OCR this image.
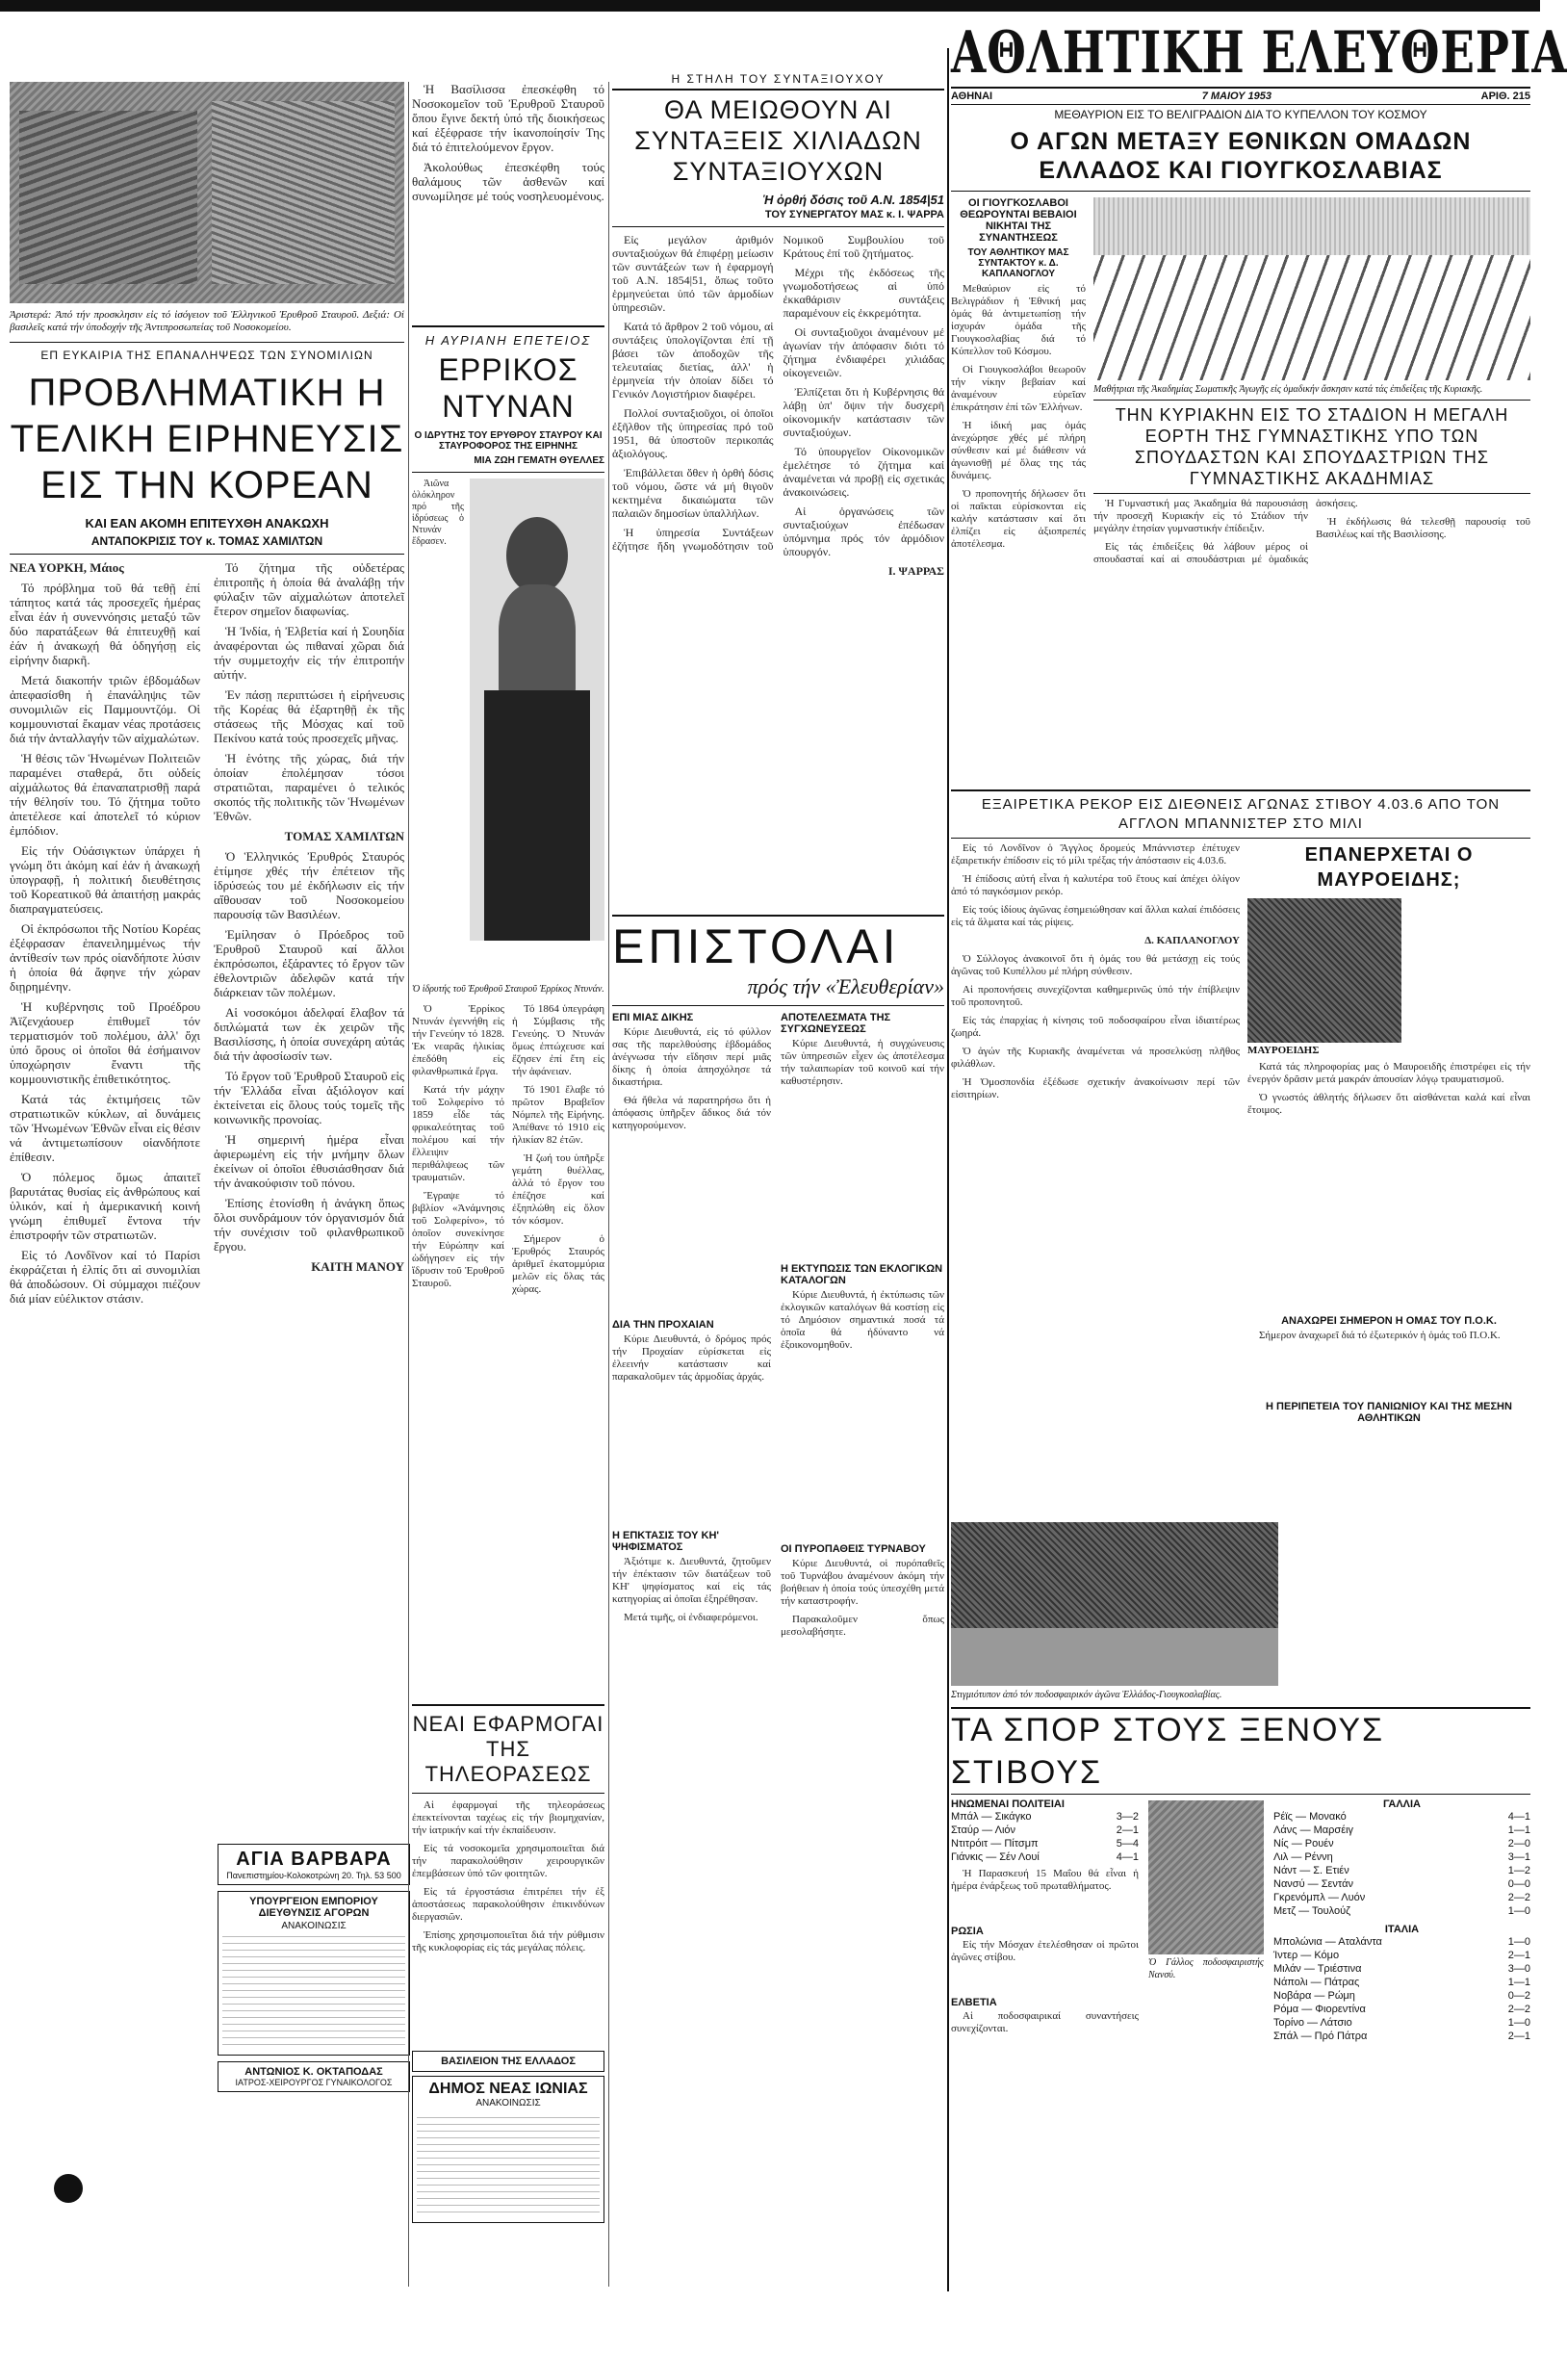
Ἀριστερά: Ἀπό τήν προσκλησιν εἰς τό ἰσόγειον τοῦ Ἑλληνικοῦ Ἐρυθροῦ Σταυροῦ. Δεξιά: Οἱ βασιλεῖς κατά τήν ὑποδοχήν τῆς Ἀντιπροσωπείας τοῦ Νοσοκομείου.
ΕΠ ΕΥΚΑΙΡΙΑ ΤΗΣ ΕΠΑΝΑΛΗΨΕΩΣ ΤΩΝ ΣΥΝΟΜΙΛΙΩΝ
ΠΡΟΒΛΗΜΑΤΙΚΗ Η ΤΕΛΙΚΗ ΕΙΡΗΝΕΥΣΙΣ ΕΙΣ ΤΗΝ ΚΟΡΕΑΝ
ΚΑΙ ΕΑΝ ΑΚΟΜΗ ΕΠΙΤΕΥΧΘΗ ΑΝΑΚΩΧΗ
ΑΝΤΑΠΟΚΡΙΣΙΣ ΤΟΥ κ. ΤΟΜΑΣ ΧΑΜΙΛΤΩΝ

ΝΕΑ ΥΟΡΚΗ, Μάιος

Τό πρόβλημα τοῦ θά τεθῇ ἐπί τάπητος κατά τάς προσεχεῖς ἡμέρας εἶναι ἐάν ἡ συνεννόησις μεταξύ τῶν δύο παρατάξεων θά ἐπιτευχθῇ καί ἐάν ἡ ἀνακωχή θά ὁδηγήσῃ εἰς εἰρήνην διαρκῆ.

Μετά διακοπήν τριῶν ἑβδομάδων ἀπεφασίσθη ἡ ἐπανάληψις τῶν συνομιλιῶν εἰς Παμμουντζόμ. Οἱ κομμουνισταί ἔκαμαν νέας προτάσεις διά τήν ἀνταλλαγήν τῶν αἰχμαλώτων.

Ἡ θέσις τῶν Ἡνωμένων Πολιτειῶν παραμένει σταθερά, ὅτι οὐδείς αἰχμάλωτος θά ἐπαναπατρισθῇ παρά τήν θέλησίν του. Τό ζήτημα τοῦτο ἀπετέλεσε καί ἀποτελεῖ τό κύριον ἐμπόδιον.

Εἰς τήν Οὐάσιγκτων ὑπάρχει ἡ γνώμη ὅτι ἀκόμη καί ἐάν ἡ ἀνακωχή ὑπογραφῇ, ἡ πολιτική διευθέτησις τοῦ Κορεατικοῦ θά ἀπαιτήσῃ μακράς διαπραγματεύσεις.

Οἱ ἐκπρόσωποι τῆς Νοτίου Κορέας ἐξέφρασαν ἐπανειλημμένως τήν ἀντίθεσίν των πρός οἱανδήποτε λύσιν ἡ ὁποία θά ἄφηνε τήν χώραν διῃρημένην.

Ἡ κυβέρνησις τοῦ Προέδρου Ἀϊζενχάουερ ἐπιθυμεῖ τόν τερματισμόν τοῦ πολέμου, ἀλλ' ὄχι ὑπό ὅρους οἱ ὁποῖοι θά ἐσήμαινον ὑποχώρησιν ἔναντι τῆς κομμουνιστικῆς ἐπιθετικότητος.

Κατά τάς ἐκτιμήσεις τῶν στρατιωτικῶν κύκλων, αἱ δυνάμεις τῶν Ἡνωμένων Ἐθνῶν εἶναι εἰς θέσιν νά ἀντιμετωπίσουν οἱανδήποτε ἐπίθεσιν.

Ὁ πόλεμος ὅμως ἀπαιτεῖ βαρυτάτας θυσίας εἰς ἀνθρώπους καί ὑλικόν, καί ἡ ἀμερικανική κοινή γνώμη ἐπιθυμεῖ ἔντονα τήν ἐπιστροφήν τῶν στρατιωτῶν.

Εἰς τό Λονδῖνον καί τό Παρίσι ἐκφράζεται ἡ ἐλπίς ὅτι αἱ συνομιλίαι θά ἀποδώσουν. Οἱ σύμμαχοι πιέζουν διά μίαν εὐέλικτον στάσιν.

Τό ζήτημα τῆς οὐδετέρας ἐπιτροπῆς ἡ ὁποία θά ἀναλάβῃ τήν φύλαξιν τῶν αἰχμαλώτων ἀποτελεῖ ἕτερον σημεῖον διαφωνίας.

Ἡ Ἰνδία, ἡ Ἐλβετία καί ἡ Σουηδία ἀναφέρονται ὡς πιθαναί χῶραι διά τήν συμμετοχήν εἰς τήν ἐπιτροπήν αὐτήν.

Ἐν πάσῃ περιπτώσει ἡ εἰρήνευσις τῆς Κορέας θά ἐξαρτηθῇ ἐκ τῆς στάσεως τῆς Μόσχας καί τοῦ Πεκίνου κατά τούς προσεχεῖς μῆνας.

Ἡ ἑνότης τῆς χώρας, διά τήν ὁποίαν ἐπολέμησαν τόσοι στρατιῶται, παραμένει ὁ τελικός σκοπός τῆς πολιτικῆς τῶν Ἡνωμένων Ἐθνῶν.

ΤΟΜΑΣ ΧΑΜΙΛΤΩΝ

Ὁ Ἑλληνικός Ἐρυθρός Σταυρός ἐτίμησε χθές τήν ἐπέτειον τῆς ἱδρύσεώς του μέ ἐκδήλωσιν εἰς τήν αἴθουσαν τοῦ Νοσοκομείου παρουσίᾳ τῶν Βασιλέων.

Ἐμίλησαν ὁ Πρόεδρος τοῦ Ἐρυθροῦ Σταυροῦ καί ἄλλοι ἐκπρόσωποι, ἐξάραντες τό ἔργον τῶν ἐθελοντριῶν ἀδελφῶν κατά τήν διάρκειαν τῶν πολέμων.

Αἱ νοσοκόμοι ἀδελφαί ἔλαβον τά διπλώματά των ἐκ χειρῶν τῆς Βασιλίσσης, ἡ ὁποία συνεχάρη αὐτάς διά τήν ἀφοσίωσίν των.

Τό ἔργον τοῦ Ἐρυθροῦ Σταυροῦ εἰς τήν Ἑλλάδα εἶναι ἀξιόλογον καί ἐκτείνεται εἰς ὅλους τούς τομεῖς τῆς κοινωνικῆς προνοίας.

Ἡ σημερινή ἡμέρα εἶναι ἀφιερωμένη εἰς τήν μνήμην ὅλων ἐκείνων οἱ ὁποῖοι ἐθυσιάσθησαν διά τήν ἀνακούφισιν τοῦ πόνου.

Ἐπίσης ἐτονίσθη ἡ ἀνάγκη ὅπως ὅλοι συνδράμουν τόν ὀργανισμόν διά τήν συνέχισιν τοῦ φιλανθρωπικοῦ ἔργου.

ΚΑΙΤΗ ΜΑΝΟΥ

Ἡ Βασίλισσα ἐπεσκέφθη τό Νοσοκομεῖον τοῦ Ἐρυθροῦ Σταυροῦ ὅπου ἔγινε δεκτή ὑπό τῆς διοικήσεως καί ἐξέφρασε τήν ἱκανοποίησίν Της διά τό ἐπιτελούμενον ἔργον.

Ἀκολούθως ἐπεσκέφθη τούς θαλάμους τῶν ἀσθενῶν καί συνωμίλησε μέ τούς νοσηλευομένους.

Η ΑΥΡΙΑΝΗ ΕΠΕΤΕΙΟΣ
ΕΡΡΙΚΟΣ ΝΤΥΝΑΝ
Ο ΙΔΡΥΤΗΣ ΤΟΥ ΕΡΥΘΡΟΥ ΣΤΑΥΡΟΥ ΚΑΙ ΣΤΑΥΡΟΦΟΡΟΣ ΤΗΣ ΕΙΡΗΝΗΣ
ΜΙΑ ΖΩΗ ΓΕΜΑΤΗ ΘΥΕΛΛΕΣ

Ἀιῶνα ὁλόκληρον πρό τῆς ἱδρύσεως ὁ Ντυνάν ἔδρασεν.

Ὁ ἱδρυτής τοῦ Ἐρυθροῦ Σταυροῦ Ἐρρίκος Ντυνάν.

Ὁ Ἐρρίκος Ντυνάν ἐγεννήθη εἰς τήν Γενεύην τό 1828. Ἐκ νεαρᾶς ἡλικίας ἐπεδόθη εἰς φιλανθρωπικά ἔργα.

Κατά τήν μάχην τοῦ Σολφερίνο τό 1859 εἶδε τάς φρικαλεότητας τοῦ πολέμου καί τήν ἔλλειψιν περιθάλψεως τῶν τραυματιῶν.

Ἔγραψε τό βιβλίον «Ἀνάμνησις τοῦ Σολφερίνο», τό ὁποῖον συνεκίνησε τήν Εὐρώπην καί ὡδήγησεν εἰς τήν ἵδρυσιν τοῦ Ἐρυθροῦ Σταυροῦ.

Τό 1864 ὑπεγράφη ἡ Σύμβασις τῆς Γενεύης. Ὁ Ντυνάν ὅμως ἐπτώχευσε καί ἔζησεν ἐπί ἔτη εἰς τήν ἀφάνειαν.

Τό 1901 ἔλαβε τό πρῶτον Βραβεῖον Νόμπελ τῆς Εἰρήνης. Ἀπέθανε τό 1910 εἰς ἡλικίαν 82 ἐτῶν.

Ἡ ζωή του ὑπῆρξε γεμάτη θυέλλας, ἀλλά τό ἔργον του ἐπέζησε καί ἐξηπλώθη εἰς ὅλον τόν κόσμον.

Σήμερον ὁ Ἐρυθρός Σταυρός ἀριθμεῖ ἑκατομμύρια μελῶν εἰς ὅλας τάς χώρας.

ΝΕΑΙ ΕΦΑΡΜΟΓΑΙ ΤΗΣ ΤΗΛΕΟΡΑΣΕΩΣ

Αἱ ἐφαρμογαί τῆς τηλεοράσεως ἐπεκτείνονται ταχέως εἰς τήν βιομηχανίαν, τήν ἰατρικήν καί τήν ἐκπαίδευσιν.

Εἰς τά νοσοκομεῖα χρησιμοποιεῖται διά τήν παρακολούθησιν χειρουργικῶν ἐπεμβάσεων ὑπό τῶν φοιτητῶν.

Εἰς τά ἐργοστάσια ἐπιτρέπει τήν ἐξ ἀποστάσεως παρακολούθησιν ἐπικινδύνων διεργασιῶν.

Ἐπίσης χρησιμοποιεῖται διά τήν ρύθμισιν τῆς κυκλοφορίας εἰς τάς μεγάλας πόλεις.

Η ΣΤΗΛΗ ΤΟΥ ΣΥΝΤΑΞΙΟΥΧΟΥ
ΘΑ ΜΕΙΩΘΟΥΝ ΑΙ ΣΥΝΤΑΞΕΙΣ ΧΙΛΙΑΔΩΝ ΣΥΝΤΑΞΙΟΥΧΩΝ
Ἡ ὀρθή δόσις τοῦ Α.Ν. 1854|51
ΤΟΥ ΣΥΝΕΡΓΑΤΟΥ ΜΑΣ κ. Ι. ΨΑΡΡΑ

Εἰς μεγάλον ἀριθμόν συνταξιούχων θά ἐπιφέρῃ μείωσιν τῶν συντάξεών των ἡ ἐφαρμογή τοῦ Α.Ν. 1854|51, ὅπως τοῦτο ἑρμηνεύεται ὑπό τῶν ἁρμοδίων ὑπηρεσιῶν.

Κατά τό ἄρθρον 2 τοῦ νόμου, αἱ συντάξεις ὑπολογίζονται ἐπί τῇ βάσει τῶν ἀποδοχῶν τῆς τελευταίας διετίας, ἀλλ' ἡ ἑρμηνεία τήν ὁποίαν δίδει τό Γενικόν Λογιστήριον διαφέρει.

Πολλοί συνταξιοῦχοι, οἱ ὁποῖοι ἐξῆλθον τῆς ὑπηρεσίας πρό τοῦ 1951, θά ὑποστοῦν περικοπάς ἀξιολόγους.

Ἐπιβάλλεται ὅθεν ἡ ὀρθή δόσις τοῦ νόμου, ὥστε νά μή θιγοῦν κεκτημένα δικαιώματα τῶν παλαιῶν δημοσίων ὑπαλλήλων.

Ἡ ὑπηρεσία Συντάξεων ἐζήτησε ἤδη γνωμοδότησιν τοῦ Νομικοῦ Συμβουλίου τοῦ Κράτους ἐπί τοῦ ζητήματος.

Μέχρι τῆς ἐκδόσεως τῆς γνωμοδοτήσεως αἱ ὑπό ἐκκαθάρισιν συντάξεις παραμένουν εἰς ἐκκρεμότητα.

Οἱ συνταξιοῦχοι ἀναμένουν μέ ἀγωνίαν τήν ἀπόφασιν διότι τό ζήτημα ἐνδιαφέρει χιλιάδας οἰκογενειῶν.

Ἐλπίζεται ὅτι ἡ Κυβέρνησις θά λάβῃ ὑπ' ὄψιν τήν δυσχερῆ οἰκονομικήν κατάστασιν τῶν συνταξιούχων.

Τό ὑπουργεῖον Οἰκονομικῶν ἐμελέτησε τό ζήτημα καί ἀναμένεται νά προβῇ εἰς σχετικάς ἀνακοινώσεις.

Αἱ ὀργανώσεις τῶν συνταξιούχων ἐπέδωσαν ὑπόμνημα πρός τόν ἁρμόδιον ὑπουργόν.

Ι. ΨΑΡΡΑΣ

ΕΠΙΣΤΟΛΑΙ
πρός τήν «Ἐλευθερίαν»
ΕΠΙ ΜΙΑΣ ΔΙΚΗΣ

Κύριε Διευθυντά, εἰς τό φύλλον σας τῆς παρελθούσης ἑβδομάδος ἀνέγνωσα τήν εἴδησιν περί μιᾶς δίκης ἡ ὁποία ἀπησχόλησε τά δικαστήρια.

Θά ἤθελα νά παρατηρήσω ὅτι ἡ ἀπόφασις ὑπῆρξεν ἄδικος διά τόν κατηγορούμενον.

ΔΙΑ ΤΗΝ ΠΡΟΧΑΙΑΝ

Κύριε Διευθυντά, ὁ δρόμος πρός τήν Προχαίαν εὑρίσκεται εἰς ἐλεεινήν κατάστασιν καί παρακαλοῦμεν τάς ἁρμοδίας ἀρχάς.

Η ΕΠΚΤΑΣΙΣ ΤΟΥ ΚΗ' ΨΗΦΙΣΜΑΤΟΣ

Ἀξιότιμε κ. Διευθυντά, ζητοῦμεν τήν ἐπέκτασιν τῶν διατάξεων τοῦ ΚΗ' ψηφίσματος καί εἰς τάς κατηγορίας αἱ ὁποῖαι ἐξηρέθησαν.

Μετά τιμῆς, οἱ ἐνδιαφερόμενοι.

ΑΠΟΤΕΛΕΣΜΑΤΑ ΤΗΣ ΣΥΓΧΩΝΕΥΣΕΩΣ

Κύριε Διευθυντά, ἡ συγχώνευσις τῶν ὑπηρεσιῶν εἶχεν ὡς ἀποτέλεσμα τήν ταλαιπωρίαν τοῦ κοινοῦ καί τήν καθυστέρησιν.

Η ΕΚΤΥΠΩΣΙΣ ΤΩΝ ΕΚΛΟΓΙΚΩΝ ΚΑΤΑΛΟΓΩΝ

Κύριε Διευθυντά, ἡ ἐκτύπωσις τῶν ἐκλογικῶν καταλόγων θά κοστίσῃ εἰς τό Δημόσιον σημαντικά ποσά τά ὁποῖα θά ἠδύναντο νά ἐξοικονομηθοῦν.

ΟΙ ΠΥΡΟΠΑΘΕΙΣ ΤΥΡΝΑΒΟΥ

Κύριε Διευθυντά, οἱ πυρόπαθεῖς τοῦ Τυρνάβου ἀναμένουν ἀκόμη τήν βοήθειαν ἡ ὁποία τούς ὑπεσχέθη μετά τήν καταστροφήν.

Παρακαλοῦμεν ὅπως μεσολαβήσητε.

ΑΓΙΑ ΒΑΡΒΑΡΑ
Πανεπιστημίου-Κολοκοτρώνη 20. Τηλ. 53 500
ΥΠΟΥΡΓΕΙΟΝ ΕΜΠΟΡΙΟΥ ΔΙΕΥΘΥΝΣΙΣ ΑΓΟΡΩΝ
ΑΝΑΚΟΙΝΩΣΙΣ
ΑΝΤΩΝΙΟΣ Κ. ΟΚΤΑΠΟΔΑΣ
ΙΑΤΡΟΣ-ΧΕΙΡΟΥΡΓΟΣ ΓΥΝΑΙΚΟΛΟΓΟΣ
ΒΑΣΙΛΕΙΟΝ ΤΗΣ ΕΛΛΑΔΟΣ
ΔΗΜΟΣ ΝΕΑΣ ΙΩΝΙΑΣ
ΑΝΑΚΟΙΝΩΣΙΣ
ΑΘΛΗΤΙΚΗ ΕΛΕΥΘΕΡΙΑ
ΑΘΗΝΑΙ	7 ΜΑΙΟΥ 1953	ΑΡΙΘ. 215
ΜΕΘΑΥΡΙΟΝ ΕΙΣ ΤΟ ΒΕΛΙΓΡΑΔΙΟΝ ΔΙΑ ΤΟ ΚΥΠΕΛΛΟΝ ΤΟΥ ΚΟΣΜΟΥ
Ο ΑΓΩΝ ΜΕΤΑΞΥ ΕΘΝΙΚΩΝ ΟΜΑΔΩΝ ΕΛΛΑΔΟΣ ΚΑΙ ΓΙΟΥΓΚΟΣΛΑΒΙΑΣ
ΟΙ ΓΙΟΥΓΚΟΣΛΑΒΟΙ ΘΕΩΡΟΥΝΤΑΙ ΒΕΒΑΙΟΙ ΝΙΚΗΤΑΙ ΤΗΣ ΣΥΝΑΝΤΗΣΕΩΣ
ΤΟΥ ΑΘΛΗΤΙΚΟΥ ΜΑΣ ΣΥΝΤΑΚΤΟΥ κ. Δ. ΚΑΠΛΑΝΟΓΛΟΥ

Μεθαύριον εἰς τό Βελιγράδιον ἡ Ἐθνική μας ὁμάς θά ἀντιμετωπίσῃ τήν ἰσχυράν ὁμάδα τῆς Γιουγκοσλαβίας διά τό Κύπελλον τοῦ Κόσμου.

Οἱ Γιουγκοσλάβοι θεωροῦν τήν νίκην βεβαίαν καί ἀναμένουν εὐρεῖαν ἐπικράτησιν ἐπί τῶν Ἑλλήνων.

Ἡ ἰδική μας ὁμάς ἀνεχώρησε χθές μέ πλήρη σύνθεσιν καί μέ διάθεσιν νά ἀγωνισθῇ μέ ὅλας της τάς δυνάμεις.

Ὁ προπονητής δήλωσεν ὅτι οἱ παῖκται εὑρίσκονται εἰς καλήν κατάστασιν καί ὅτι ἐλπίζει εἰς ἀξιοπρεπές ἀποτέλεσμα.

Μαθήτριαι τῆς Ἀκαδημίας Σωματικῆς Ἀγωγῆς εἰς ὁμαδικήν ἄσκησιν κατά τάς ἐπιδείξεις τῆς Κυριακῆς.
ΤΗΝ ΚΥΡΙΑΚΗΝ ΕΙΣ ΤΟ ΣΤΑΔΙΟΝ Η ΜΕΓΑΛΗ ΕΟΡΤΗ ΤΗΣ ΓΥΜΝΑΣΤΙΚΗΣ ΥΠΟ ΤΩΝ ΣΠΟΥΔΑΣΤΩΝ ΚΑΙ ΣΠΟΥΔΑΣΤΡΙΩΝ ΤΗΣ ΓΥΜΝΑΣΤΙΚΗΣ ΑΚΑΔΗΜΙΑΣ

Ἡ Γυμναστική μας Ἀκαδημία θά παρουσιάσῃ τήν προσεχῆ Κυριακήν εἰς τό Στάδιον τήν μεγάλην ἐτησίαν γυμναστικήν ἐπίδειξιν.

Εἰς τάς ἐπιδείξεις θά λάβουν μέρος οἱ σπουδασταί καί αἱ σπουδάστριαι μέ ὁμαδικάς ἀσκήσεις.

Ἡ ἐκδήλωσις θά τελεσθῇ παρουσίᾳ τοῦ Βασιλέως καί τῆς Βασιλίσσης.

ΕΞΑΙΡΕΤΙΚΑ ΡΕΚΟΡ ΕΙΣ ΔΙΕΘΝΕΙΣ ΑΓΩΝΑΣ ΣΤΙΒΟΥ 4.03.6 ΑΠΟ ΤΟΝ ΑΓΓΛΟΝ ΜΠΑΝΝΙΣΤΕΡ ΣΤΟ ΜΙΛΙ

Εἰς τό Λονδῖνον ὁ Ἄγγλος δρομεύς Μπάννιστερ ἐπέτυχεν ἐξαιρετικήν ἐπίδοσιν εἰς τό μίλι τρέξας τήν ἀπόστασιν εἰς 4.03.6.

Ἡ ἐπίδοσις αὐτή εἶναι ἡ καλυτέρα τοῦ ἔτους καί ἀπέχει ὀλίγον ἀπό τό παγκόσμιον ρεκόρ.

Εἰς τούς ἰδίους ἀγῶνας ἐσημειώθησαν καί ἄλλαι καλαί ἐπιδόσεις εἰς τά ἅλματα καί τάς ρίψεις.

Δ. ΚΑΠΛΑΝΟΓΛΟΥ

Ὁ Σύλλογος ἀνακοινοῖ ὅτι ἡ ὁμάς του θά μετάσχῃ εἰς τούς ἀγῶνας τοῦ Κυπέλλου μέ πλήρη σύνθεσιν.

Αἱ προπονήσεις συνεχίζονται καθημερινῶς ὑπό τήν ἐπίβλεψιν τοῦ προπονητοῦ.

Εἰς τάς ἐπαρχίας ἡ κίνησις τοῦ ποδοσφαίρου εἶναι ἰδιαιτέρως ζωηρά.

Ὁ ἀγών τῆς Κυριακῆς ἀναμένεται νά προσελκύσῃ πλῆθος φιλάθλων.

Ἡ Ὁμοσπονδία ἐξέδωσε σχετικήν ἀνακοίνωσιν περί τῶν εἰσιτηρίων.

ΕΠΑΝΕΡΧΕΤΑΙ Ο ΜΑΥΡΟΕΙΔΗΣ;
ΜΑΥΡΟΕΙΔΗΣ

Κατά τάς πληροφορίας μας ὁ Μαυροειδῆς ἐπιστρέφει εἰς τήν ἐνεργόν δρᾶσιν μετά μακράν ἀπουσίαν λόγῳ τραυματισμοῦ.

Ὁ γνωστός ἀθλητής δήλωσεν ὅτι αἰσθάνεται καλά καί εἶναι ἕτοιμος.

ΑΝΑΧΩΡΕΙ ΣΗΜΕΡΟΝ Η ΟΜΑΣ ΤΟΥ Π.Ο.Κ.

Σήμερον ἀναχωρεῖ διά τό ἐξωτερικόν ἡ ὁμάς τοῦ Π.Ο.Κ.

Η ΠΕΡΙΠΕΤΕΙΑ ΤΟΥ ΠΑΝΙΩΝΙΟΥ ΚΑΙ ΤΗΣ ΜΕΣΗΝ ΑΘΛΗΤΙΚΩΝ
Στιγμιότυπον ἀπό τόν ποδοσφαιρικόν ἀγῶνα Ἑλλάδος-Γιουγκοσλαβίας.
ΤΑ ΣΠΟΡ ΣΤΟΥΣ ΞΕΝΟΥΣ ΣΤΙΒΟΥΣ
ΗΝΩΜΕΝΑΙ ΠΟΛΙΤΕΙΑΙ
Μπάλ — Σικάγκο	3—2
Σταύρ — Λιόν	2—1
Ντιτρόιτ — Πίτσμπ	5—4
Γιάνκις — Σέν Λουί	4—1

Ἡ Παρασκευή 15 Μαΐου θά εἶναι ἡ ἡμέρα ἐνάρξεως τοῦ πρωταθλήματος.

ΡΩΣΙΑ

Εἰς τήν Μόσχαν ἐτελέσθησαν οἱ πρῶτοι ἀγῶνες στίβου.

ΕΛΒΕΤΙΑ

Αἱ ποδοσφαιρικαί συναντήσεις συνεχίζονται.

Ὁ Γάλλος ποδοσφαιριστής Νανσύ.
ΓΑΛΛΙΑ
Ρέϊς — Μονακό	4—1
Λάνς — Μαρσέιγ	1—1
Νίς — Ρουέν	2—0
Λιλ — Ρέννη	3—1
Νάντ — Σ. Ετιέν	1—2
Νανσύ — Σεντάν	0—0
Γκρενόμπλ — Λυόν	2—2
Μετζ — Τουλούζ	1—0
ΙΤΑΛΙΑ
Μπολώνια — Αταλάντα	1—0
Ίντερ — Κόμο	2—1
Μιλάν — Τριέστινα	3—0
Νάπολι — Πάτρας	1—1
Νοβάρα — Ρώμη	0—2
Ρόμα — Φιορεντίνα	2—2
Τορίνο — Λάτσιο	1—0
Σπάλ — Πρό Πάτρα	2—1
